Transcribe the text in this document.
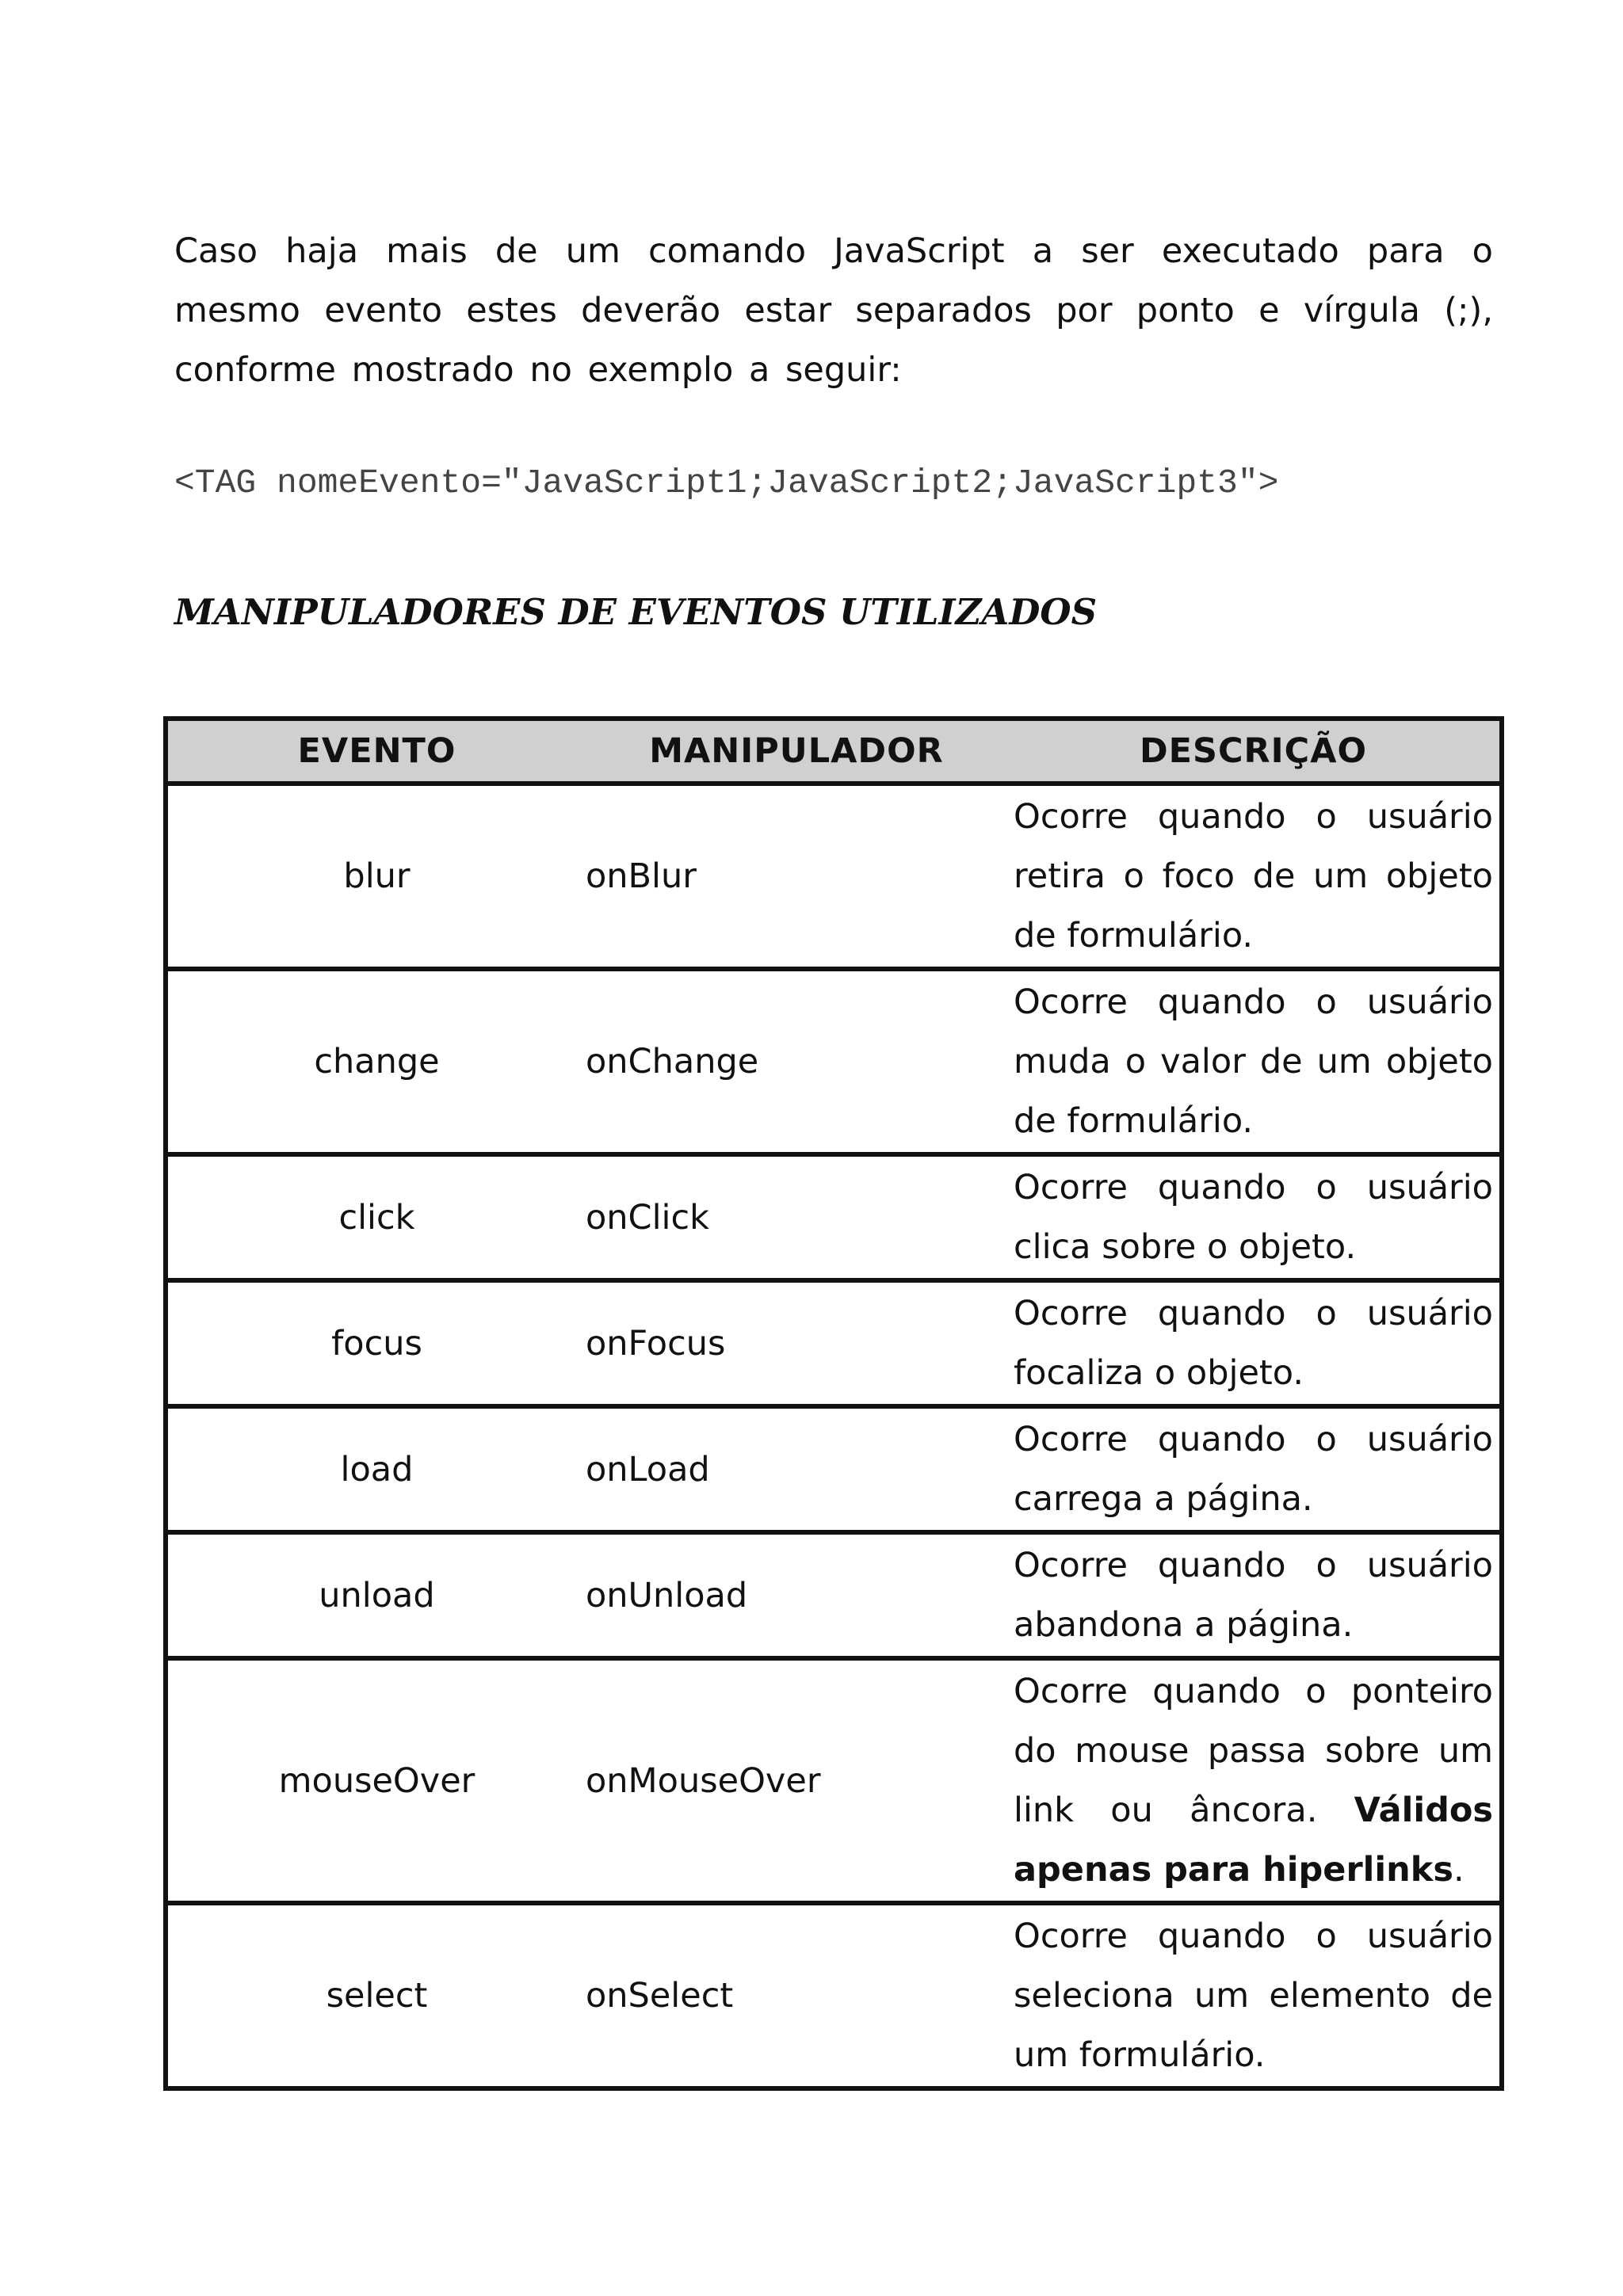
Caso haja mais de um comando JavaScript a ser executado para o mesmo evento estes deverão estar separados por ponto e vírgula (;), conforme mostrado no exemplo a seguir:

<TAG nomeEvento="JavaScript1;JavaScript2;JavaScript3">

MANIPULADORES DE EVENTOS UTILIZADOS
EVENTO	MANIPULADOR	DESCRIÇÃO
blur	onBlur	Ocorre quando o usuário retira o foco de um objeto de formulário.

change	onChange	Ocorre quando o usuário muda o valor de um objeto de formulário.

click	onClick	Ocorre quando o usuário clica sobre o objeto.

focus	onFocus	Ocorre quando o usuário focaliza o objeto.

load	onLoad	Ocorre quando o usuário carrega a página.

unload	onUnload	Ocorre quando o usuário abandona a página.

mouseOver	onMouseOver	Ocorre quando o ponteiro do mouse passa sobre um link ou âncora. Válidos apenas para hiperlinks.

select	onSelect	Ocorre quando o usuário seleciona um elemento de um formulário.
